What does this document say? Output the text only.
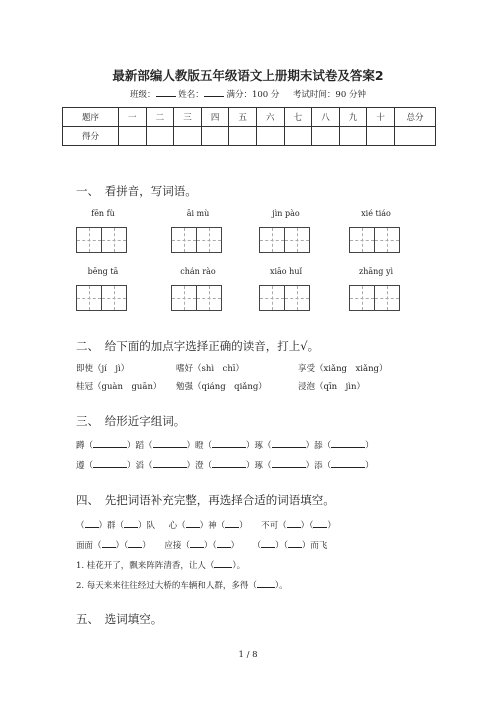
最新部编人教版五年级语文上册期末试卷及答案2
班级：	姓名：	满分：100 分 考试时间：90 分钟
题序	一	二	三	四	五	六	七	八	九	十	总分
得分											
一、　看拼音，写词语。
fēn fù	āi mù	jìn pào	xié tiáo
bēng tā	chán rào	xiāo huǐ	zhāng yì
二、　给下面的加点字选择正确的读音，打上√。
即使（jí　jì）	嗜好（shì　chī）	享受（xiǎng　xiǎng）
桂冠（guàn　guān） 勉强（qiáng　qiǎng）	浸泡（qīn　jìn）
三、　给形近字组词。
蹲（	）蹈（	）瞪（	）琢（	）舔（	）
遵（	）滔（	）澄（	）琢（	）添（	）
四、　先把词语补充完整，再选择合适的词语填空。
（ ）群（ ）队 心（ ）神（ ） 不可（ ）（ ）
面面（ ）（ ） 应接（ ）（ ） （ ）（ ）而飞
1. 桂花开了，飘来阵阵清香，让人（ ）。
2. 每天来来往往经过大桥的车辆和人群，多得（ ）。
五、　选词填空。
1 / 8
